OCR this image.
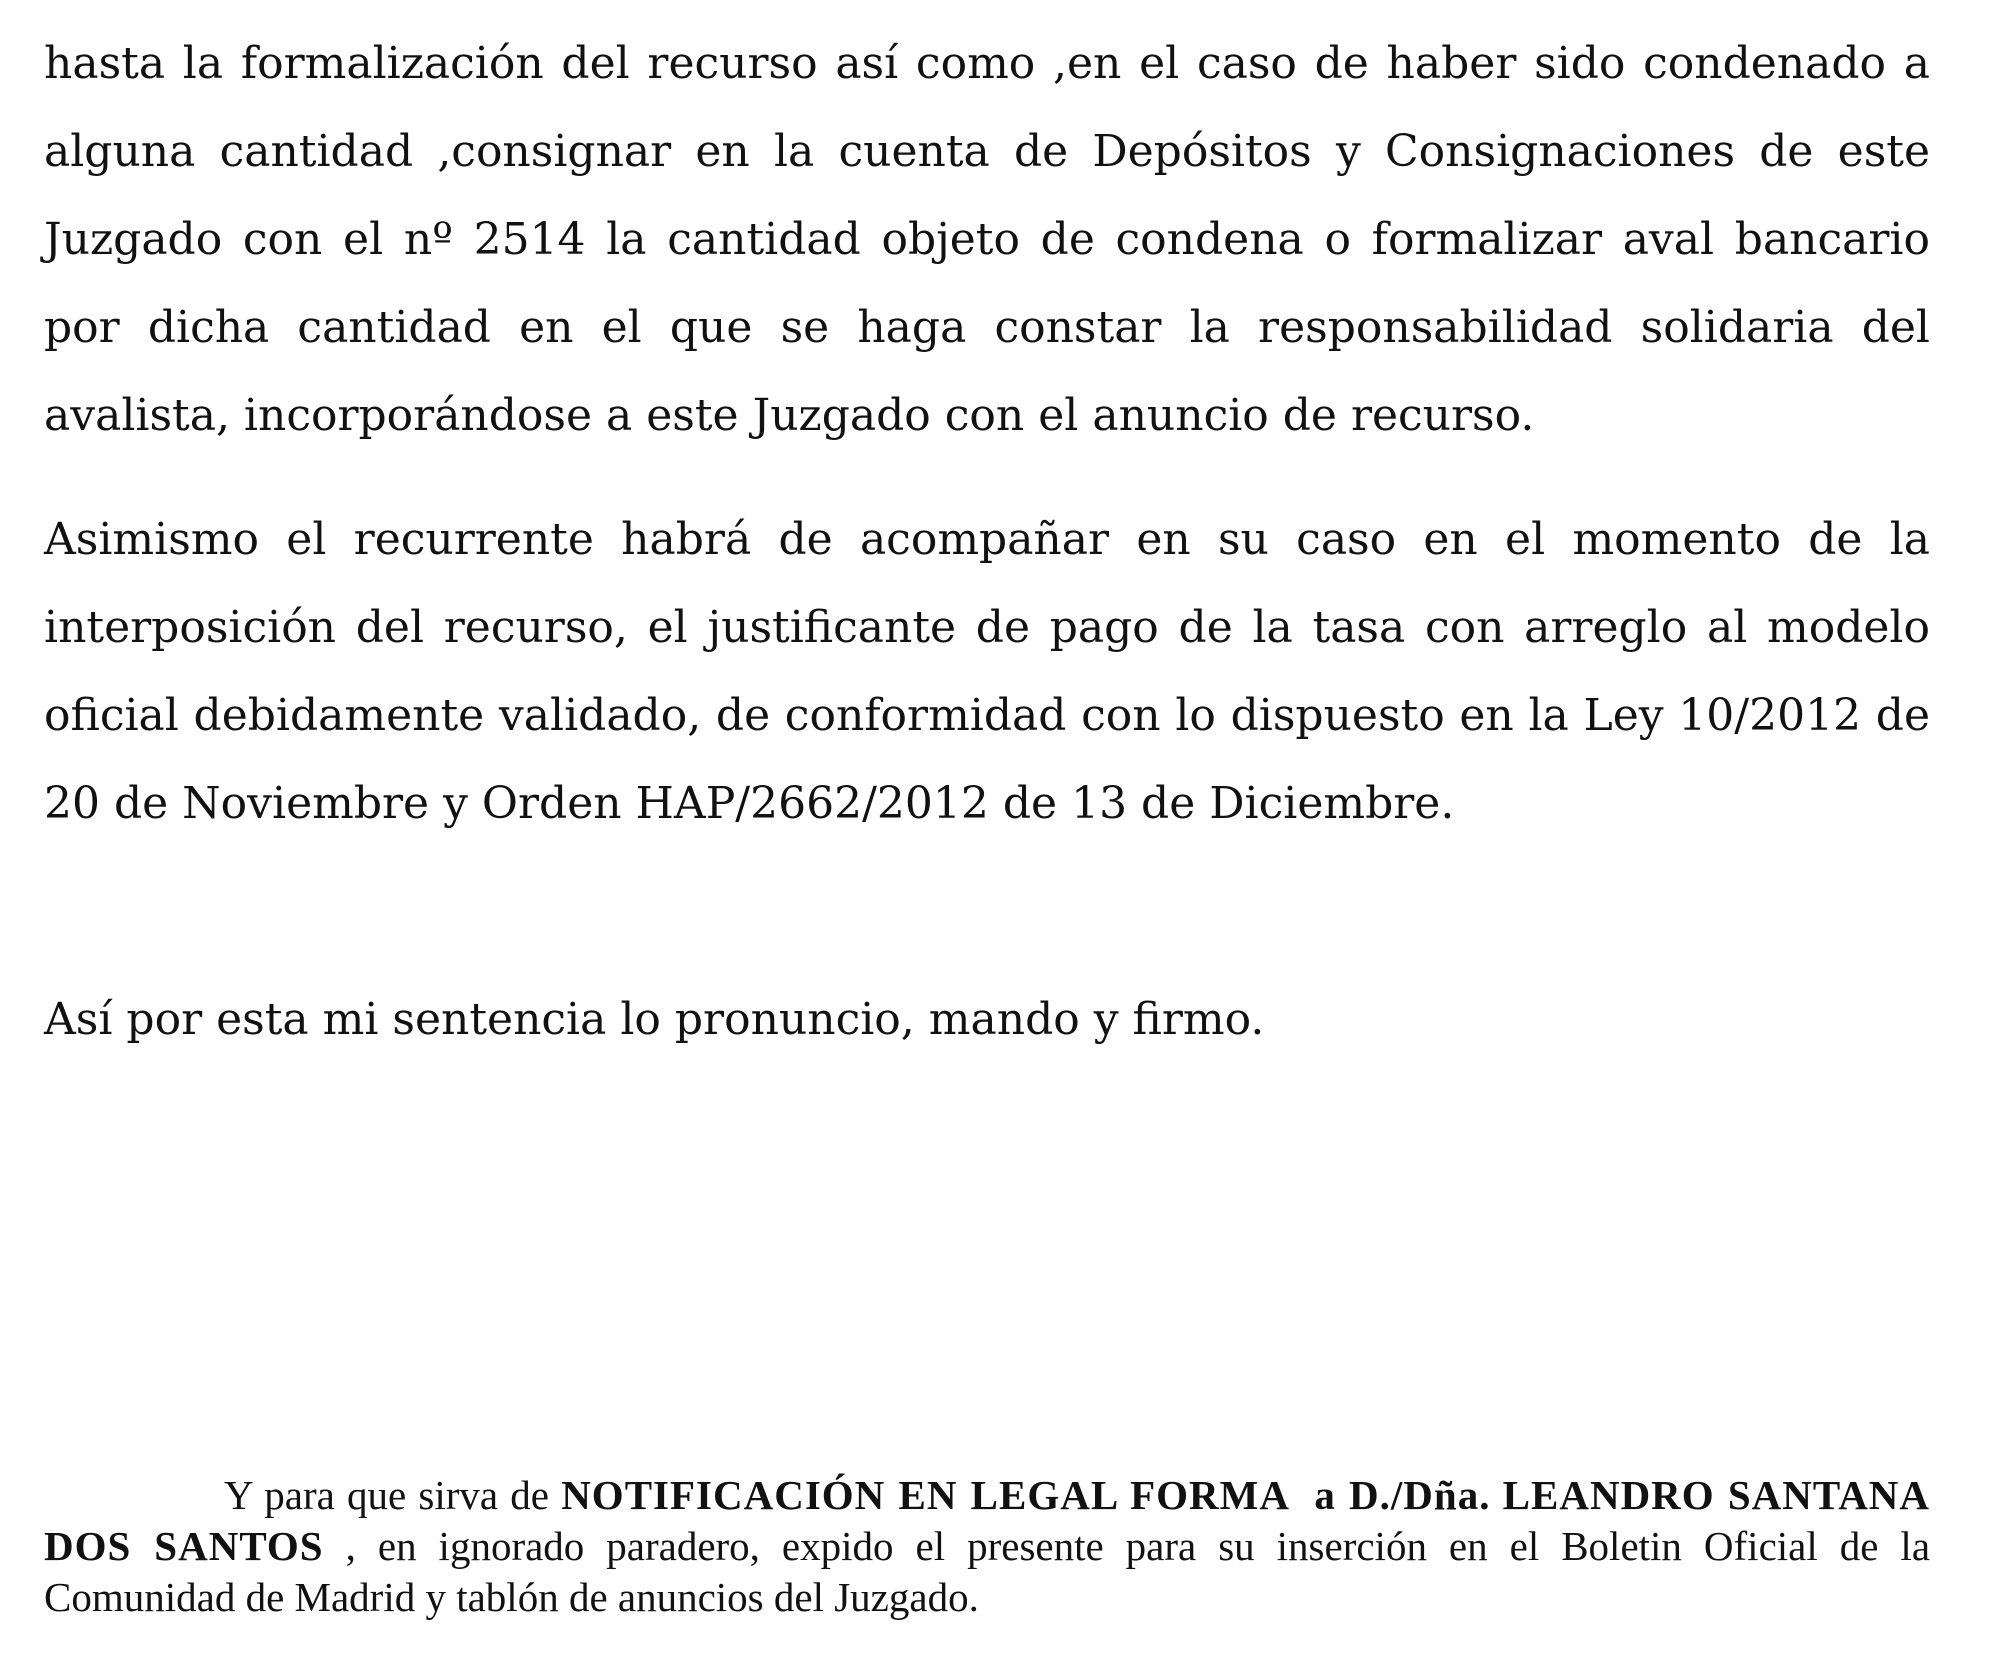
hasta la formalización del recurso así como ,en el caso de haber sido condenado a alguna cantidad ,consignar en la cuenta de Depósitos y Consignaciones de este Juzgado con el nº 2514 la cantidad objeto de condena o formalizar aval bancario por dicha cantidad en el que se haga constar la responsabilidad solidaria del avalista, incorporándose a este Juzgado con el anuncio de recurso.

Asimismo el recurrente habrá de acompañar en su caso en el momento de la interposición del recurso, el justificante de pago de la tasa con arreglo al modelo oficial debidamente validado, de conformidad con lo dispuesto en la Ley 10/2012 de 20 de Noviembre y Orden HAP/2662/2012 de 13 de Diciembre.

Así por esta mi sentencia lo pronuncio, mando y firmo.

Y para que sirva de NOTIFICACIÓN EN LEGAL FORMA a D./Dña. LEANDRO SANTANA DOS SANTOS , en ignorado paradero, expido el presente para su inserción en el Boletin Oficial de la Comunidad de Madrid y tablón de anuncios del Juzgado.
